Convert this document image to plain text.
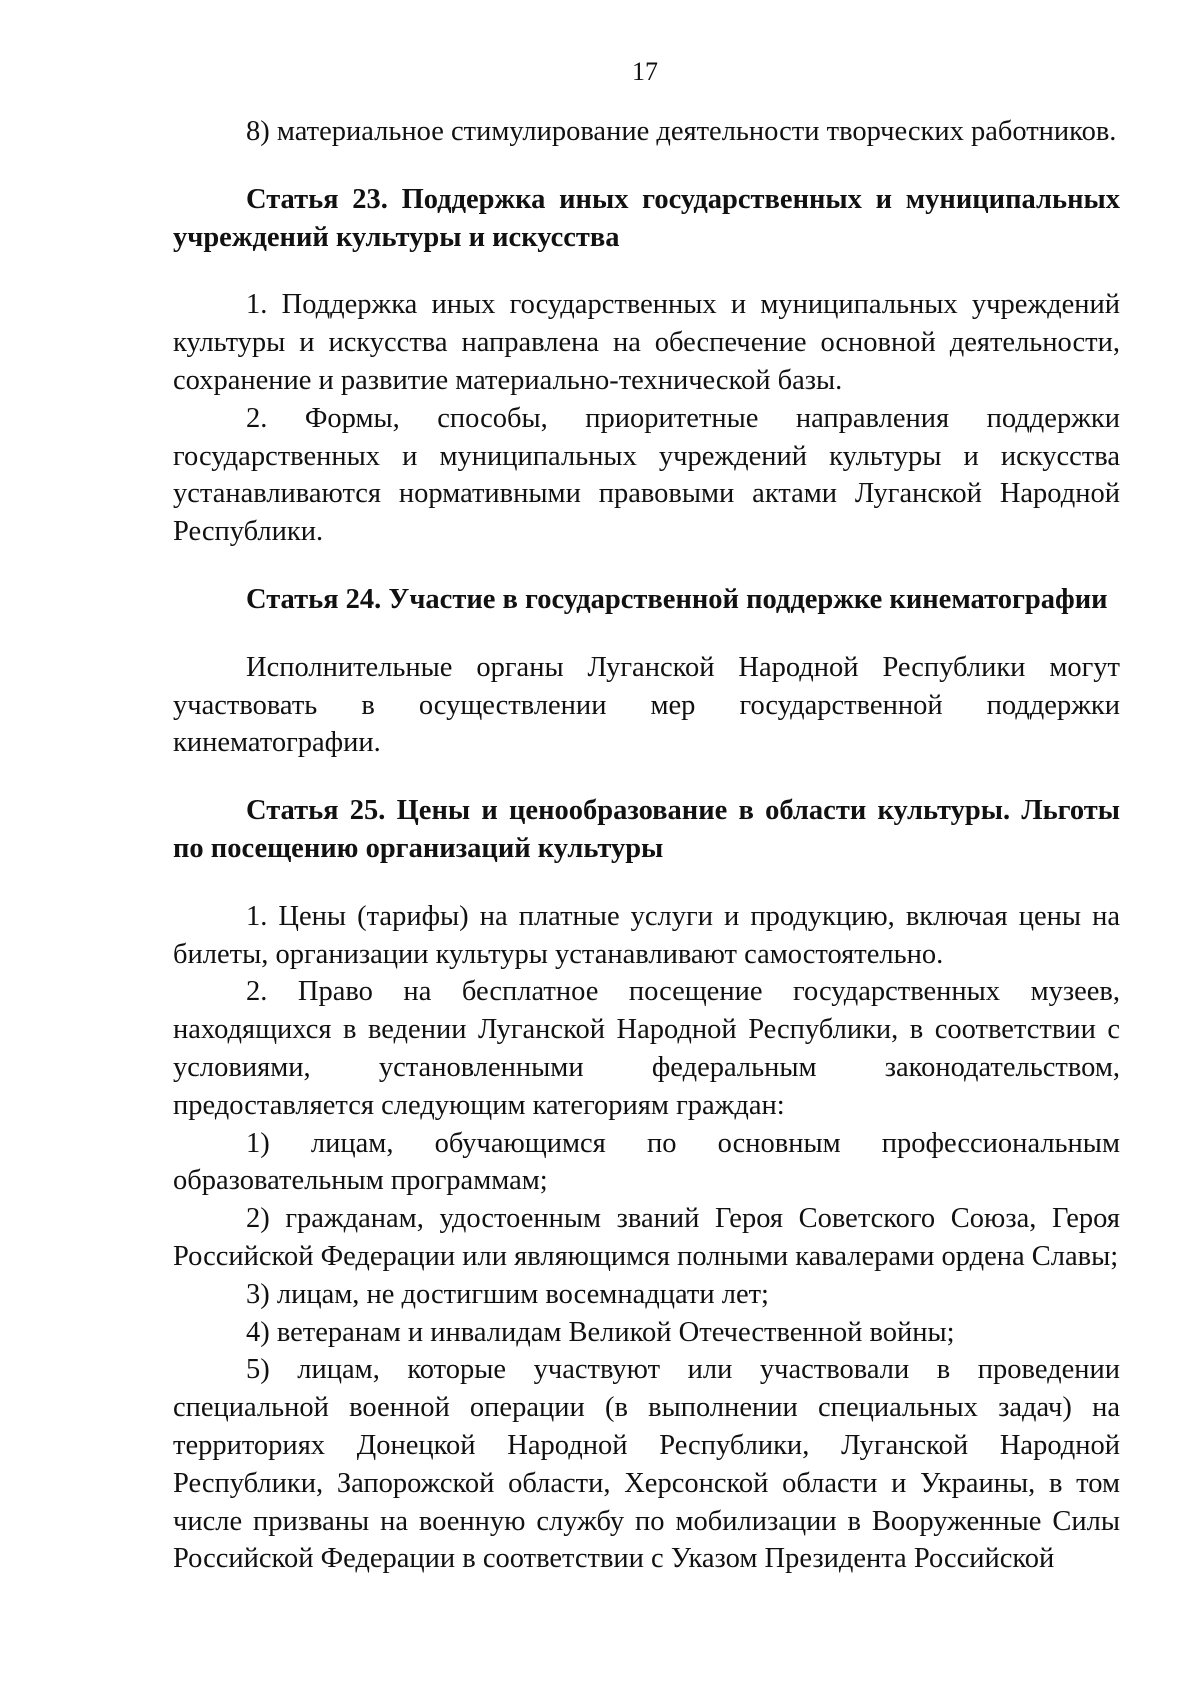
17

8) материальное стимулирование деятельности творческих работников.

Статья 23. Поддержка иных государственных и муниципальных учреждений культуры и искусства

1. Поддержка иных государственных и муниципальных учреждений культуры и искусства направлена на обеспечение основной деятельности, сохранение и развитие материально-технической базы.

2. Формы, способы, приоритетные направления поддержки государственных и муниципальных учреждений культуры и искусства устанавливаются нормативными правовыми актами Луганской Народной Республики.

Статья 24. Участие в государственной поддержке кинематографии

Исполнительные органы Луганской Народной Республики могут участвовать в осуществлении мер государственной поддержки кинематографии.

Статья 25. Цены и ценообразование в области культуры. Льготы по посещению организаций культуры

1. Цены (тарифы) на платные услуги и продукцию, включая цены на билеты, организации культуры устанавливают самостоятельно.

2. Право на бесплатное посещение государственных музеев, находящихся в ведении Луганской Народной Республики, в соответствии с условиями, установленными федеральным законодательством, предоставляется следующим категориям граждан:

1) лицам, обучающимся по основным профессиональным образовательным программам;

2) гражданам, удостоенным званий Героя Советского Союза, Героя Российской Федерации или являющимся полными кавалерами ордена Славы;

3) лицам, не достигшим восемнадцати лет;

4) ветеранам и инвалидам Великой Отечественной войны;

5) лицам, которые участвуют или участвовали в проведении специальной военной операции (в выполнении специальных задач) на территориях Донецкой Народной Республики, Луганской Народной Республики, Запорожской области, Херсонской области и Украины, в том числе призваны на военную службу по мобилизации в Вооруженные Силы Российской Федерации в соответствии с Указом Президента Российской
